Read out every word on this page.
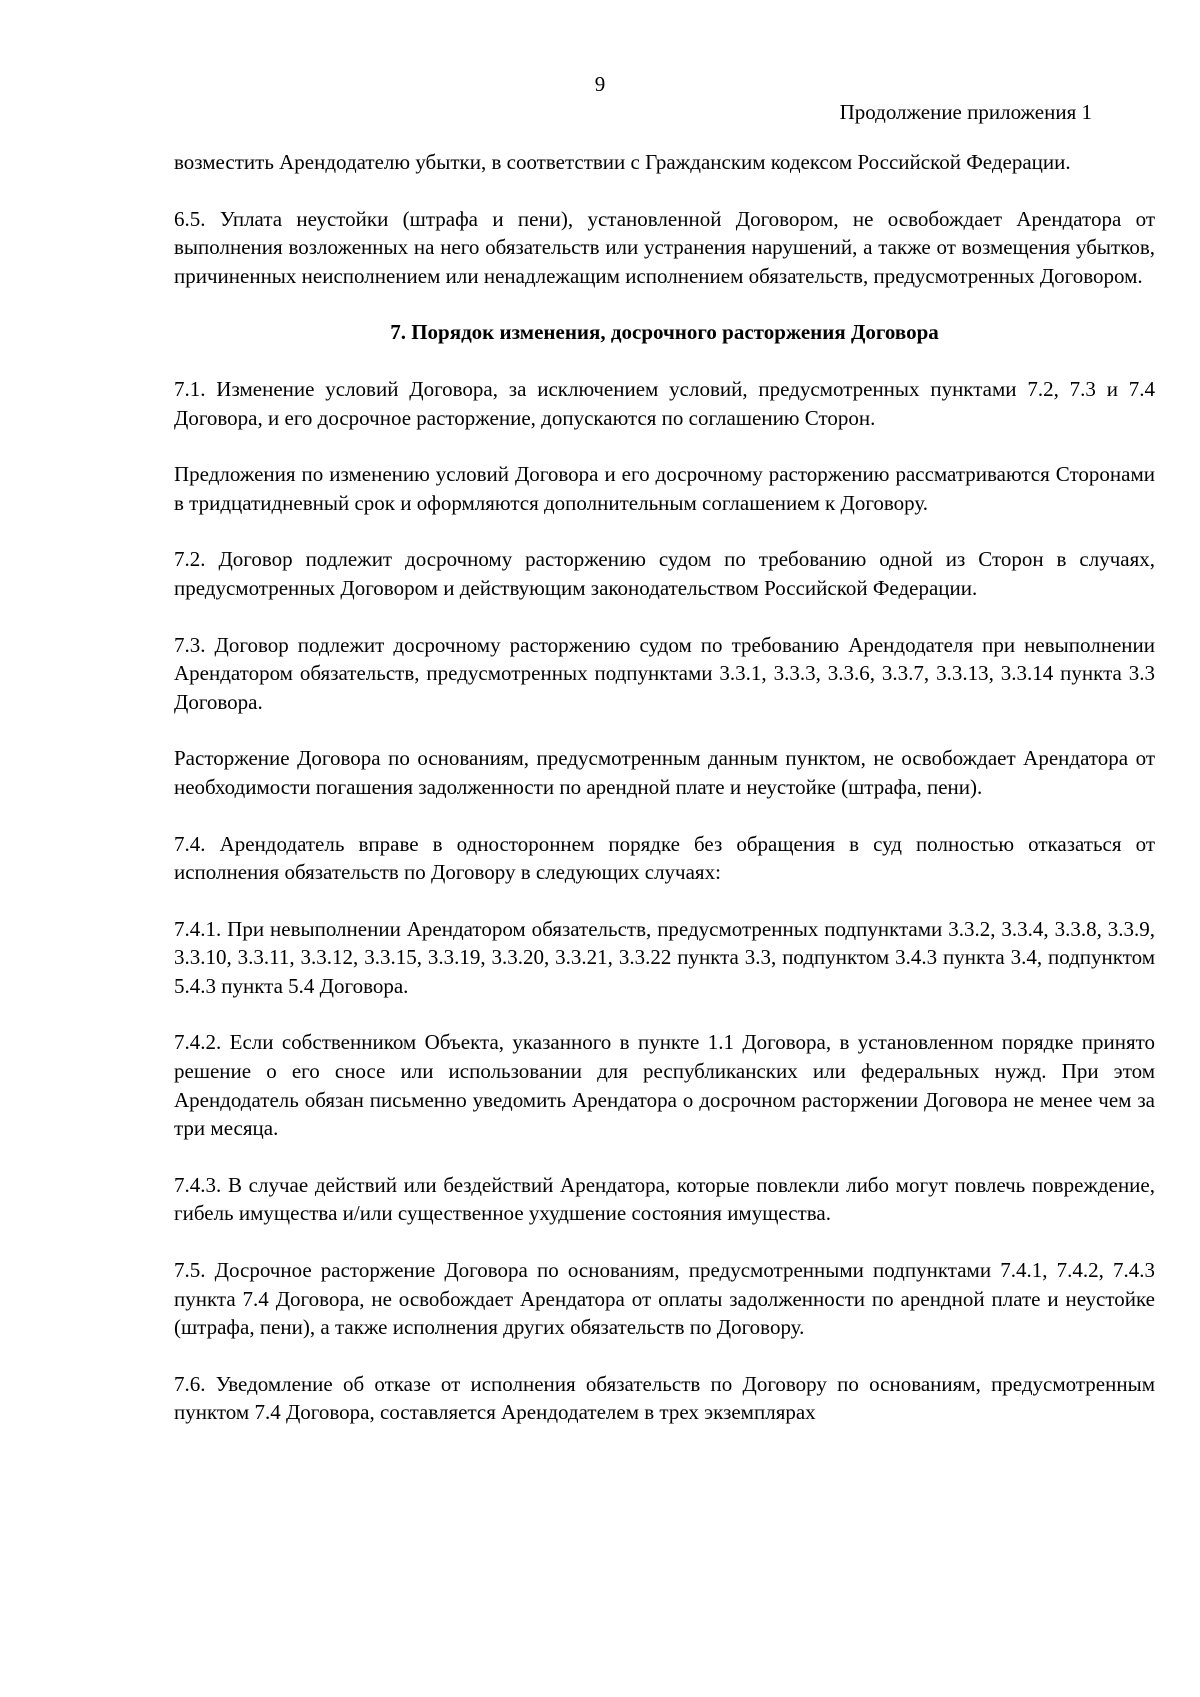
9
Продолжение приложения 1

возместить Арендодателю убытки, в соответствии с Гражданским кодексом Российской Федерации.

6.5. Уплата неустойки (штрафа и пени), установленной Договором, не освобождает Арендатора от выполнения возложенных на него обязательств или устранения нарушений, а также от возмещения убытков, причиненных неисполнением или ненадлежащим исполнением обязательств, предусмотренных Договором.

7. Порядок изменения, досрочного расторжения Договора

7.1. Изменение условий Договора, за исключением условий, предусмотренных пунктами 7.2, 7.3 и 7.4 Договора, и его досрочное расторжение, допускаются по соглашению Сторон.

Предложения по изменению условий Договора и его досрочному расторжению рассматриваются Сторонами в тридцатидневный срок и оформляются дополнительным соглашением к Договору.

7.2. Договор подлежит досрочному расторжению судом по требованию одной из Сторон в случаях, предусмотренных Договором и действующим законодательством Российской Федерации.

7.3. Договор подлежит досрочному расторжению судом по требованию Арендодателя при невыполнении Арендатором обязательств, предусмотренных подпунктами 3.3.1, 3.3.3, 3.3.6, 3.3.7, 3.3.13, 3.3.14 пункта 3.3 Договора.

Расторжение Договора по основаниям, предусмотренным данным пунктом, не освобождает Арендатора от необходимости погашения задолженности по арендной плате и неустойке (штрафа, пени).

7.4. Арендодатель вправе в одностороннем порядке без обращения в суд полностью отказаться от исполнения обязательств по Договору в следующих случаях:

7.4.1. При невыполнении Арендатором обязательств, предусмотренных подпунктами 3.3.2, 3.3.4, 3.3.8, 3.3.9, 3.3.10, 3.3.11, 3.3.12, 3.3.15, 3.3.19, 3.3.20, 3.3.21, 3.3.22 пункта 3.3, подпунктом 3.4.3 пункта 3.4, подпунктом 5.4.3 пункта 5.4 Договора.

7.4.2. Если собственником Объекта, указанного в пункте 1.1 Договора, в установленном порядке принято решение о его сносе или использовании для республиканских или федеральных нужд. При этом Арендодатель обязан письменно уведомить Арендатора о досрочном расторжении Договора не менее чем за три месяца.

7.4.3. В случае действий или бездействий Арендатора, которые повлекли либо могут повлечь повреждение, гибель имущества и/или существенное ухудшение состояния имущества.

7.5. Досрочное расторжение Договора по основаниям, предусмотренными подпунктами 7.4.1, 7.4.2, 7.4.3 пункта 7.4 Договора, не освобождает Арендатора от оплаты задолженности по арендной плате и неустойке (штрафа, пени), а также исполнения других обязательств по Договору.

7.6. Уведомление об отказе от исполнения обязательств по Договору по основаниям, предусмотренным пунктом 7.4 Договора, составляется Арендодателем в трех экземплярах
